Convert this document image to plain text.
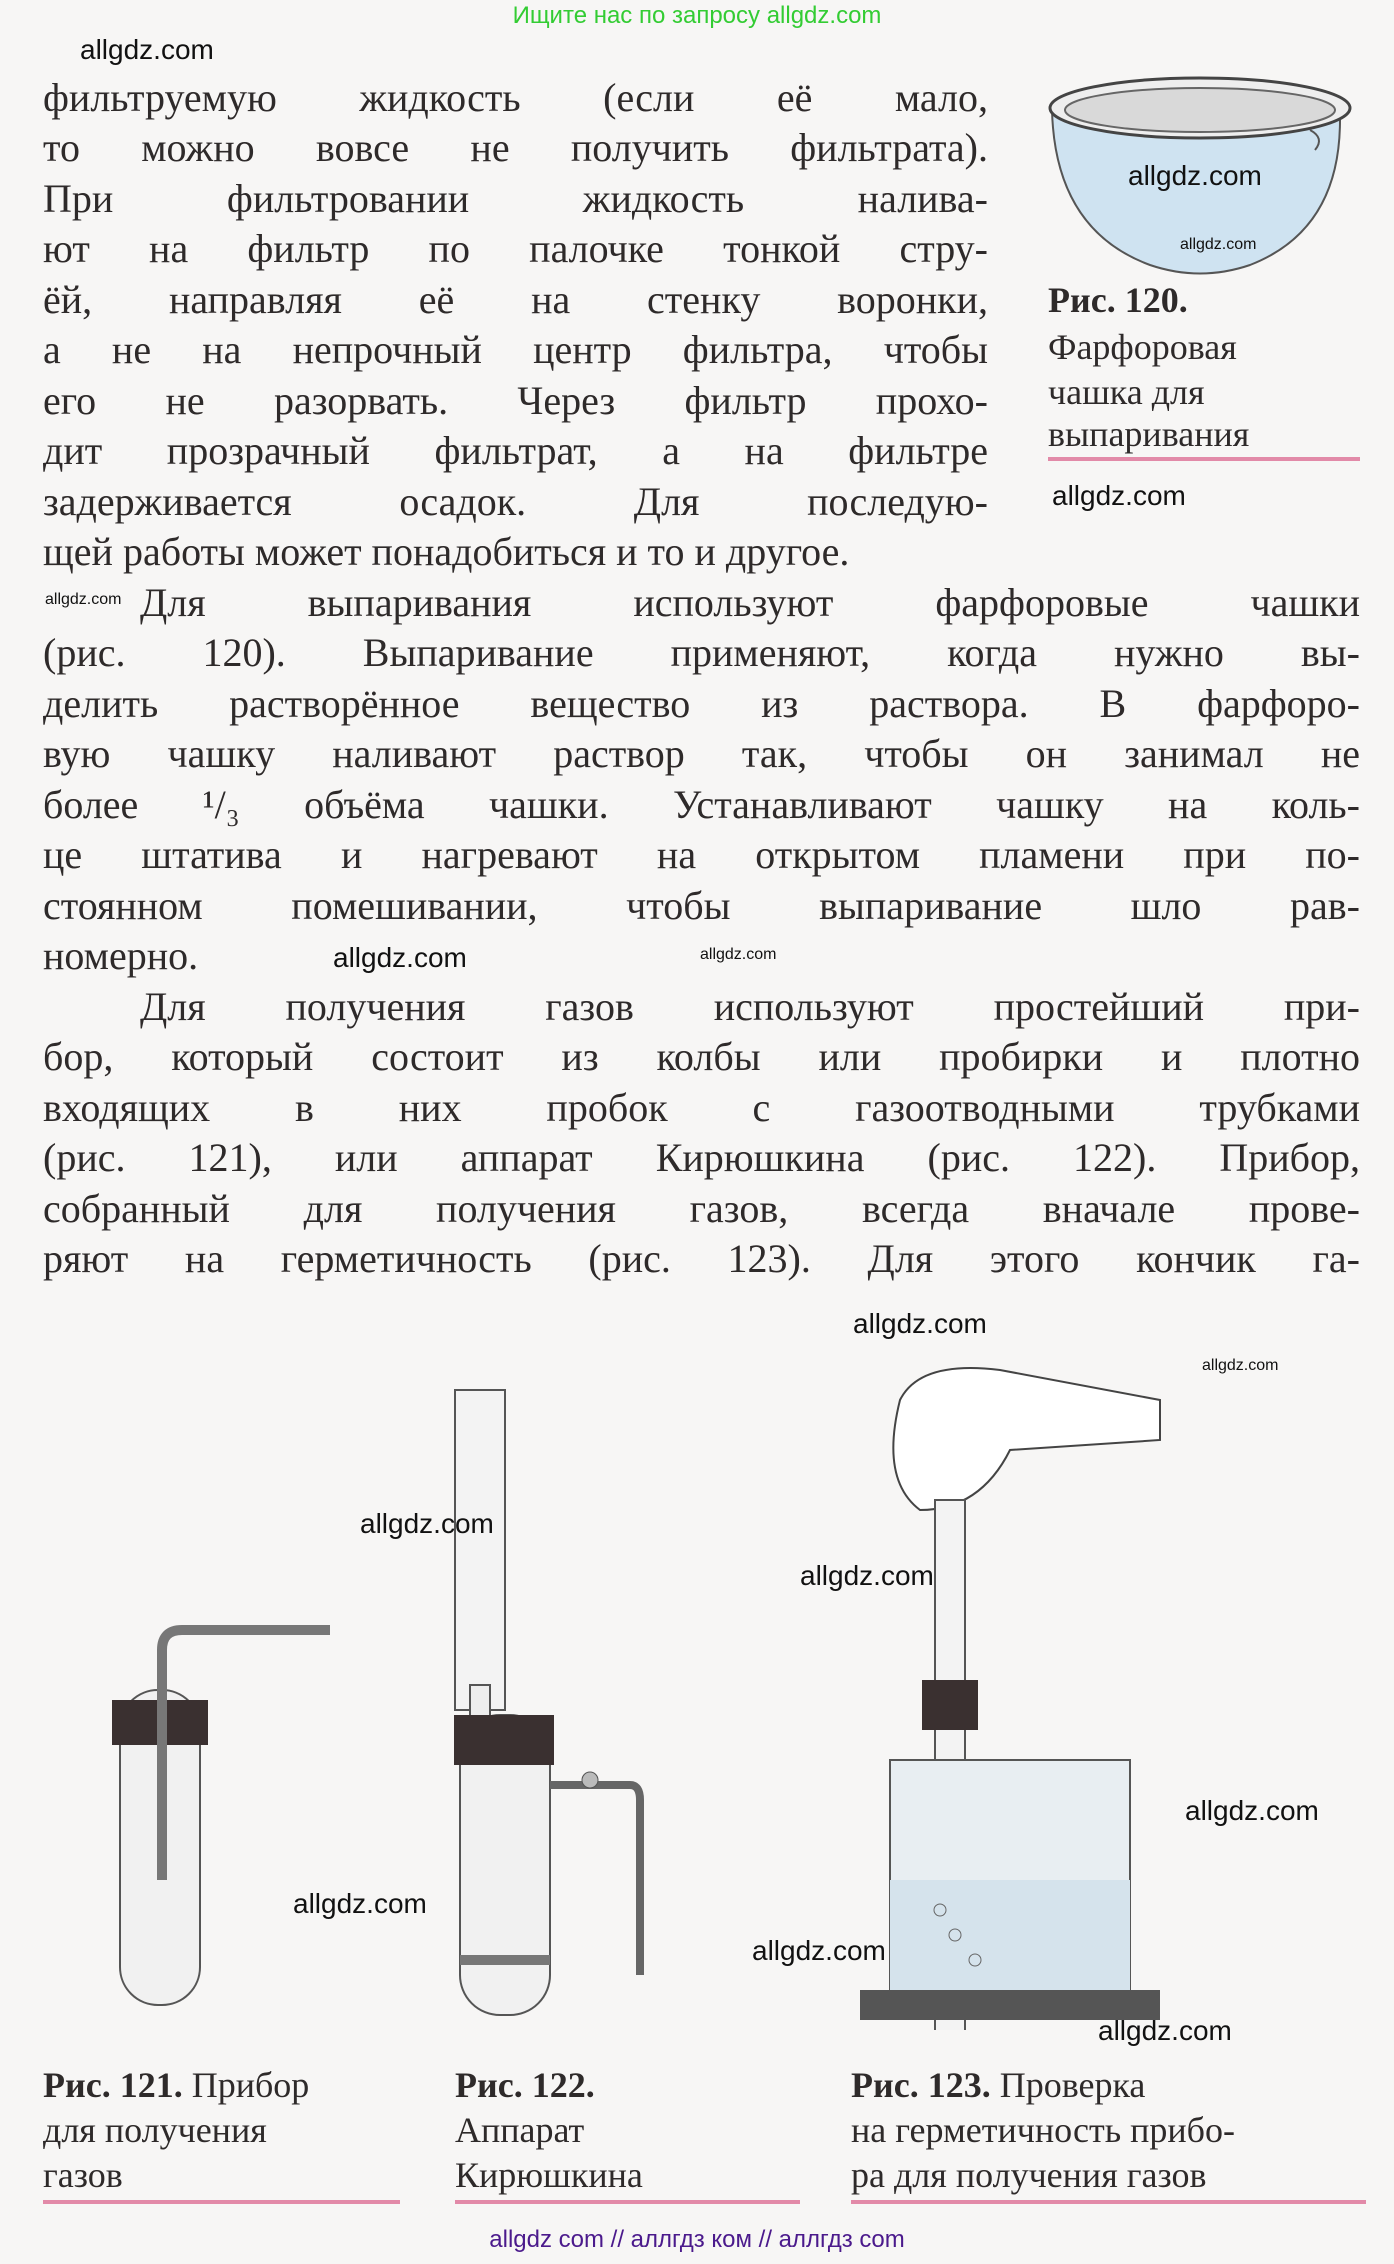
Ищите нас по запросу allgdz.com
фильтруемую жидкость (если её мало,
то можно вовсе не получить фильтрата).
При фильтровании жидкость налива-
ют на фильтр по палочке тонкой стру-
ёй, направляя её на стенку воронки,
а не на непрочный центр фильтра, чтобы
его не разорвать. Через фильтр прохо-
дит прозрачный фильтрат, а на фильтре
задерживается осадок. Для последую-
щей работы может понадобиться и то и другое.
Рис. 120.
Фарфоровая
чашка для
выпаривания
Для выпаривания используют фарфоровые чашки
(рис. 120). Выпаривание применяют, когда нужно вы-
делить растворённое вещество из раствора. В фарфоро-
вую чашку наливают раствор так, чтобы он занимал не
более ¹/₃ объёма чашки. Устанавливают чашку на коль-
це штатива и нагревают на открытом пламени при по-
стоянном помешивании, чтобы выпаривание шло рав-
номерно.
Для получения газов используют простейший при-
бор, который состоит из колбы или пробирки и плотно
входящих в них пробок с газоотводными трубками
(рис. 121), или аппарат Кирюшкина (рис. 122). Прибор,
собранный для получения газов, всегда вначале прове-
ряют на герметичность (рис. 123). Для этого кончик га-
Рис. 121. Прибор
для получения
газов
Рис. 122.
Аппарат
Кирюшкина
Рис. 123. Проверка
на герметичность прибо-
ра для получения газов
allgdz.com
allgdz.com
allgdz.com
allgdz.com
allgdz.com
allgdz.com
allgdz.com
allgdz.com
allgdz.com
allgdz.com
allgdz.com
allgdz.com
allgdz.com
allgdz.com
allgdz.com
allgdz com // аллгдз ком // аллгдз com
